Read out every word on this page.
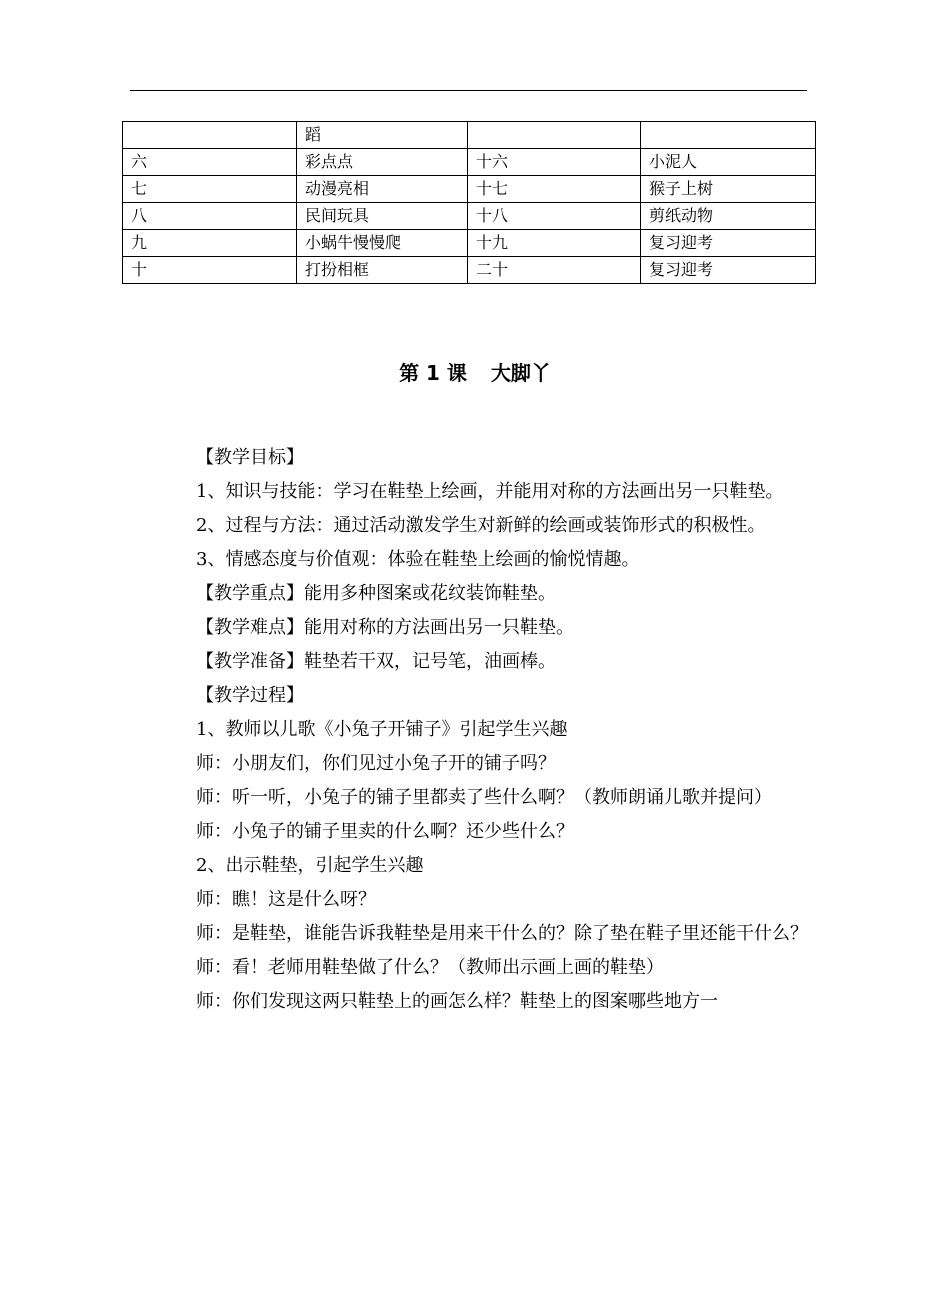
	蹈		
六	彩点点	十六	小泥人
七	动漫亮相	十七	猴子上树
八	民间玩具	十八	剪纸动物
九	小蜗牛慢慢爬	十九	复习迎考
十	打扮相框	二十	复习迎考
第 1 课 大脚丫

【教学目标】

1、知识与技能：学习在鞋垫上绘画，并能用对称的方法画出另一只鞋垫。

2、过程与方法：通过活动激发学生对新鲜的绘画或装饰形式的积极性。

3、情感态度与价值观：体验在鞋垫上绘画的愉悦情趣。

【教学重点】能用多种图案或花纹装饰鞋垫。

【教学难点】能用对称的方法画出另一只鞋垫。

【教学准备】鞋垫若干双，记号笔，油画棒。

【教学过程】

1、教师以儿歌《小兔子开铺子》引起学生兴趣

师：小朋友们，你们见过小兔子开的铺子吗？

师：听一听，小兔子的铺子里都卖了些什么啊？（教师朗诵儿歌并提问）

师：小兔子的铺子里卖的什么啊？还少些什么？

2、出示鞋垫，引起学生兴趣

师：瞧！这是什么呀？

师：是鞋垫，谁能告诉我鞋垫是用来干什么的？除了垫在鞋子里还能干什么？

师：看！老师用鞋垫做了什么？（教师出示画上画的鞋垫）

师：你们发现这两只鞋垫上的画怎么样？鞋垫上的图案哪些地方一
